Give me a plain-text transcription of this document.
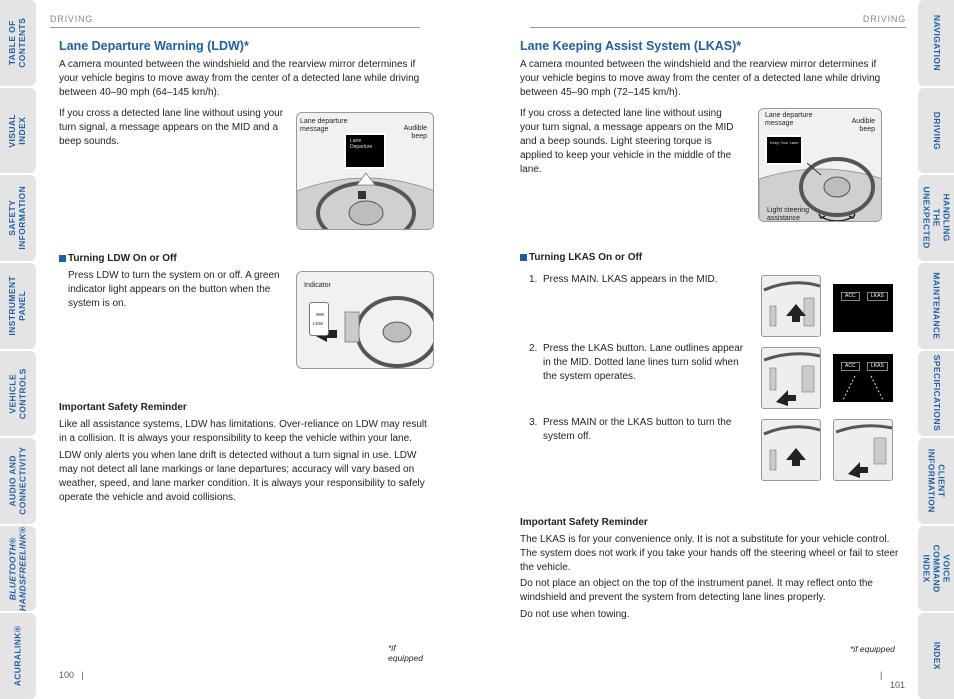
TABLE OF
CONTENTS
VISUAL INDEX
SAFETY
INFORMATION
INSTRUMENT
PANEL
VEHICLE
CONTROLS
AUDIO AND
CONNECTIVITY
BLUETOOTH®
HANDSFREELINK®
ACURALINK®
NAVIGATION
DRIVING
HANDLING THE
UNEXPECTED
MAINTENANCE
SPECIFICATIONS
CLIENT
INFORMATION
VOICE COMMAND
INDEX
INDEX
DRIVING
Lane Departure Warning (LDW)*

A camera mounted between the windshield and the rearview mirror determines if your vehicle begins to move away from the center of a detected lane while driving between 40–90 mph (64–145 km/h).

If you cross a detected lane line without using your turn signal, a message appears on the MID and a beep sounds.	Lane Departure
Lane departure
message	Audible
beep
Turning LDW On or Off

Press LDW to turn the system on or off. A green indicator light appears on the button when the system is on.

LDW
Indicator

Important Safety Reminder

Like all assistance systems, LDW has limitations. Over-reliance on LDW may result in a collision. It is always your responsibility to keep the vehicle within your lane.

LDW only alerts you when lane drift is detected without a turn signal in use. LDW may not detect all lane markings or lane departures; accuracy will vary based on weather, speed, and lane marker condition. It is always your responsibility to safely operate the vehicle and avoid collisions.

*if equipped
100   |
DRIVING
Lane Keeping Assist System (LKAS)*

A camera mounted between the windshield and the rearview mirror determines if your vehicle begins to move away from the center of a detected lane while driving between 45–90 mph (72–145 km/h).

If you cross a detected lane line without using your turn signal, a message appears on the MID and a beep sounds. Light steering torque is applied to keep your vehicle in the middle of the lane.

Keep Your Lane
Lane departure
message	Audible
beep
Light steering
assistance
Turning LKAS On or Off
1. Press MAIN. LKAS appears in the MID.
2. Press the LKAS button. Lane outlines appear in the MID. Dotted lane lines turn solid when the system operates.
3. Press MAIN or the LKAS button to turn the system off.
ACC	LKAS
ACC	LKAS

Important Safety Reminder

The LKAS is for your convenience only. It is not a substitute for your vehicle control. The system does not work if you take your hands off the steering wheel or fail to steer the vehicle.

Do not place an object on the top of the instrument panel. It may reflect onto the windshield and prevent the system from detecting lane lines properly.

Do not use when towing.

*if equipped
|    101
